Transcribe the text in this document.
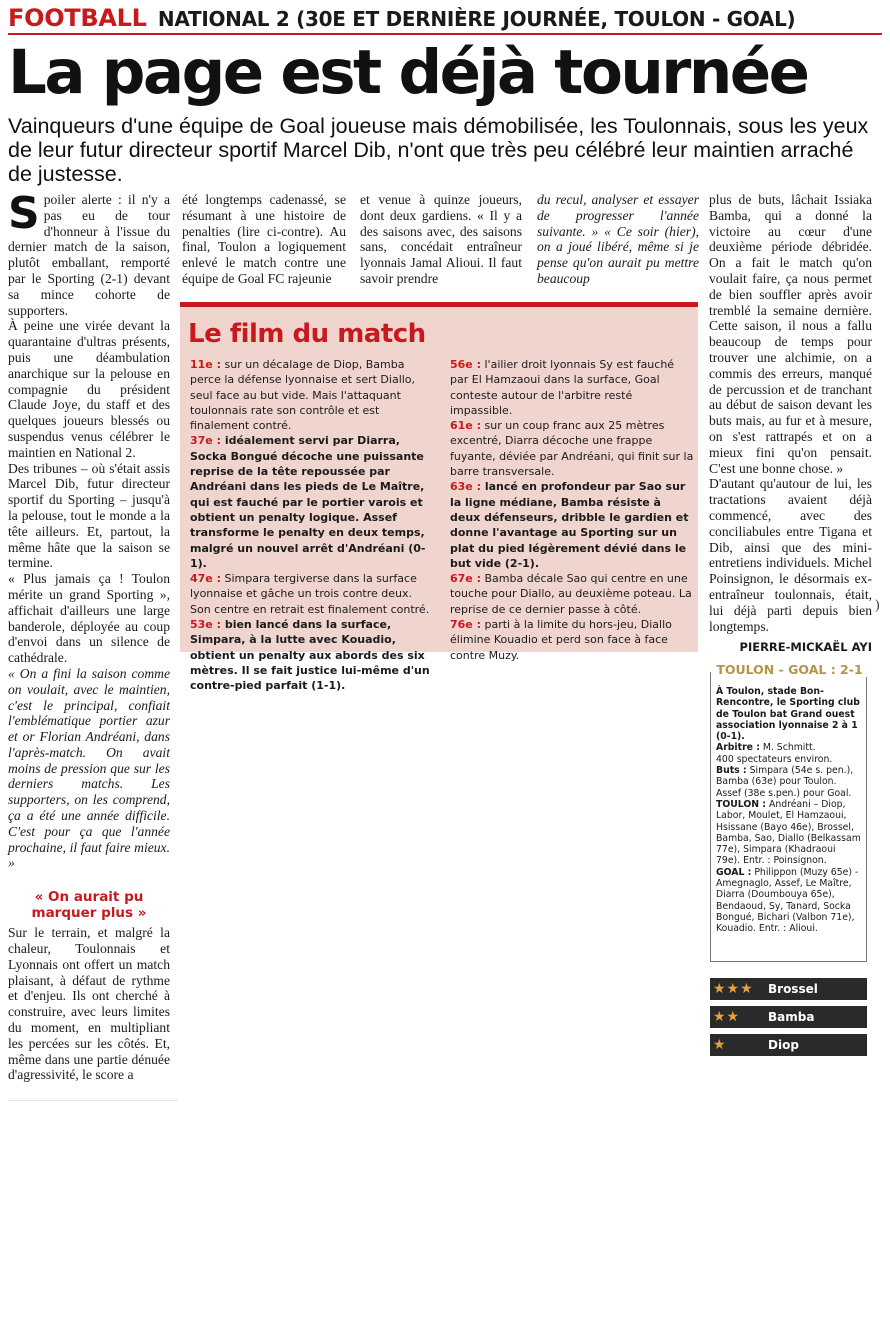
FOOTBALL NATIONAL 2 (30E ET DERNIÈRE JOURNÉE, TOULON - GOAL)
La page est déjà tournée

Vainqueurs d'une équipe de Goal joueuse mais démobilisée, les Toulonnais, sous les yeux de leur futur directeur sportif Marcel Dib, n'ont que très peu célébré leur maintien arraché de justesse.

S poiler alerte : il n'y a pas eu de tour d'honneur à l'issue du dernier match de la saison, plutôt emballant, remporté par le Sporting (2-1) devant sa mince cohorte de supporters.

À peine une virée devant la quarantaine d'ultras présents, puis une déambulation anarchique sur la pelouse en compagnie du président Claude Joye, du staff et des quelques joueurs blessés ou suspendus venus célébrer le maintien en National 2.

Des tribunes – où s'était assis Marcel Dib, futur directeur sportif du Sporting – jusqu'à la pelouse, tout le monde a la tête ailleurs. Et, partout, la même hâte que la saison se termine.

« Plus jamais ça ! Toulon mérite un grand Sporting », affichait d'ailleurs une large banderole, déployée au coup d'envoi dans un silence de cathédrale.

« On a fini la saison comme on voulait, avec le maintien, c'est le principal, confiait l'emblématique portier azur et or Florian Andréani, dans l'après-match. On avait moins de pression que sur les derniers matchs. Les supporters, on les comprend, ça a été une année difficile. C'est pour ça que l'année prochaine, il faut faire mieux. »

« On aurait pu marquer plus »

Sur le terrain, et malgré la chaleur, Toulonnais et Lyonnais ont offert un match plaisant, à défaut de rythme et d'enjeu. Ils ont cherché à construire, avec leurs limites du moment, en multipliant les percées sur les côtés. Et, même dans une partie dénuée d'agressivité, le score a

été longtemps cadenassé, se résumant à une histoire de penalties (lire ci-contre). Au final, Toulon a logiquement enlevé le match contre une équipe de Goal FC rajeunie

et venue à quinze joueurs, dont deux gardiens. « Il y a des saisons avec, des saisons sans, concédait entraîneur lyonnais Jamal Alioui. Il faut savoir prendre

du recul, analyser et essayer de progresser l'année suivante. » « Ce soir (hier), on a joué libéré, même si je pense qu'on aurait pu mettre beaucoup

plus de buts, lâchait Issiaka Bamba, qui a donné la victoire au cœur d'une deuxième période débridée. On a fait le match qu'on voulait faire, ça nous permet de bien souffler après avoir tremblé la semaine dernière. Cette saison, il nous a fallu beaucoup de temps pour trouver une alchimie, on a commis des erreurs, manqué de percussion et de tranchant au début de saison devant les buts mais, au fur et à mesure, on s'est rattrapés et on a mieux fini qu'on pensait. C'est une bonne chose. »

D'autant qu'autour de lui, les tractations avaient déjà commencé, avec des conciliabules entre Tigana et Dib, ainsi que des mini-entretiens individuels. Michel Poinsignon, le désormais ex-entraîneur toulonnais, était, lui déjà parti depuis bien longtemps.

PIERRE-MICKAËL AYI
Le film du match

11e : sur un décalage de Diop, Bamba perce la défense lyonnaise et sert Diallo, seul face au but vide. Mais l'attaquant toulonnais rate son contrôle et est finalement contré.

37e : idéalement servi par Diarra, Socka Bongué décoche une puissante reprise de la tête repoussée par Andréani dans les pieds de Le Maître, qui est fauché par le portier varois et obtient un penalty logique. Assef transforme le penalty en deux temps, malgré un nouvel arrêt d'Andréani (0-1).

47e : Simpara tergiverse dans la surface lyonnaise et gâche un trois contre deux. Son centre en retrait est finalement contré.

53e : bien lancé dans la surface, Simpara, à la lutte avec Kouadio, obtient un penalty aux abords des six mètres. Il se fait justice lui-même d'un contre-pied parfait (1-1).

56e : l'ailier droit lyonnais Sy est fauché par El Hamzaoui dans la surface, Goal conteste autour de l'arbitre resté impassible.

61e : sur un coup franc aux 25 mètres excentré, Diarra décoche une frappe fuyante, déviée par Andréani, qui finit sur la barre transversale.

63e : lancé en profondeur par Sao sur la ligne médiane, Bamba résiste à deux défenseurs, dribble le gardien et donne l'avantage au Sporting sur un plat du pied légèrement dévié dans le but vide (2-1).

67e : Bamba décale Sao qui centre en une touche pour Diallo, au deuxième poteau. La reprise de ce dernier passe à côté.

76e : parti à la limite du hors-jeu, Diallo élimine Kouadio et perd son face à face contre Muzy.

)
TOULON - GOAL : 2-1

À Toulon, stade Bon-Rencontre, le Sporting club de Toulon bat Grand ouest association lyonnaise 2 à 1 (0-1).

Arbitre : M. Schmitt.

400 spectateurs environ.

Buts : Simpara (54e s. pen.), Bamba (63e) pour Toulon. Assef (38e s.pen.) pour Goal.

TOULON : Andréani – Diop, Labor, Moulet, El Hamzaoui, Hsissane (Bayo 46e), Brossel, Bamba, Sao, Diallo (Belkassam 77e), Simpara (Khadraoui 79e). Entr. : Poinsignon.

GOAL : Philippon (Muzy 65e) - Amegnaglo, Assef, Le Maître, Diarra (Doumbouya 65e), Bendaoud, Sy, Tanard, Socka Bongué, Bichari (Valbon 71e), Kouadio. Entr. : Alioui.

★★★	Brossel
★★	Bamba
★	Diop
